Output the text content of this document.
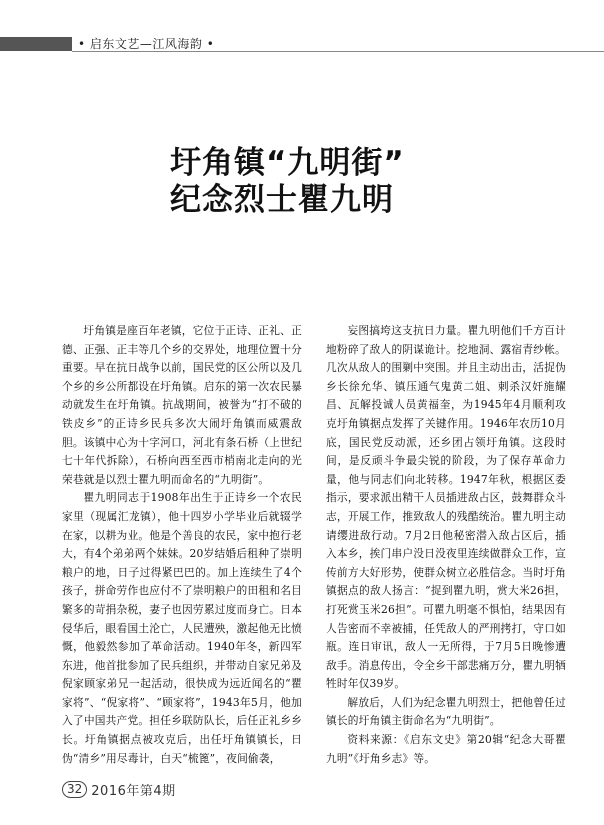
• 启东文艺—江风海韵 •
圩角镇“九明街”
纪念烈士瞿九明

圩角镇是座百年老镇，它位于正诗、正礼、正德、正强、正丰等几个乡的交界处，地理位置十分重要。早在抗日战争以前，国民党的区公所以及几个乡的乡公所都设在圩角镇。启东的第一次农民暴动就发生在圩角镇。抗战期间，被誉为“打不破的铁皮乡”的正诗乡民兵多次大闹圩角镇而威震敌胆。该镇中心为十字河口，河北有条石桥（上世纪七十年代拆除），石桥向西至西市梢南北走向的光荣巷就是以烈士瞿九明而命名的“九明街”。

瞿九明同志于1908年出生于正诗乡一个农民家里（现属汇龙镇），他十四岁小学毕业后就辍学在家，以耕为业。他是个善良的农民，家中抱行老大，有4个弟弟两个妹妹。20岁结婚后租种了崇明粮户的地，日子过得紧巴巴的。加上连续生了4个孩子，拼命劳作也应付不了崇明粮户的田租和名目繁多的苛捐杂税，妻子也因劳累过度而身亡。日本侵华后，眼看国土沦亡，人民遭殃，激起他无比愤慨，他毅然参加了革命活动。1940年冬，新四军东进，他首批参加了民兵组织，并带动自家兄弟及倪家顾家弟兄一起活动，很快成为远近闻名的“瞿家将”、“倪家将”、“顾家将”，1943年5月，他加入了中国共产党。担任乡联防队长，后任正礼乡乡长。圩角镇据点被攻克后，出任圩角镇镇长，日伪“清乡”用尽毒计，白天“梳篦”，夜间偷袭，

妄图搞垮这支抗日力量。瞿九明他们千方百计地粉碎了敌人的阴谋诡计。挖地洞、露宿青纱帐。几次从敌人的围剿中突围。并且主动出击，活捉伪乡长徐允华、镇压通气鬼黄二姐、刺杀汉奸施耀昌、瓦解投诚人员黄福奎，为1945年4月顺利攻克圩角镇据点发挥了关键作用。1946年农历10月底，国民党反动派，还乡团占领圩角镇。这段时间，是反顽斗争最尖锐的阶段，为了保存革命力量，他与同志们向北转移。1947年秋，根据区委指示，要求派出精干人员插进敌占区，鼓舞群众斗志，开展工作，推致敌人的残酷统治。瞿九明主动请缨进敌行动。7月2日他秘密潜入敌占区后，插入本乡，挨门串户没日没夜里连续做群众工作，宣传前方大好形势，使群众树立必胜信念。当时圩角镇据点的敌人扬言：“捉到瞿九明，赏大米26担，打死赏玉米26担”。可瞿九明毫不惧怕，结果因有人告密而不幸被捕，任凭敌人的严刑拷打，守口如瓶。连日审讯，敌人一无所得，于7月5日晚惨遭敌手。消息传出，令全乡干部悲痛万分，瞿九明牺牲时年仅39岁。

解放后，人们为纪念瞿九明烈士，把他曾任过镇长的圩角镇主街命名为“九明街”。

资料来源：《启东文史》第20辑“纪念大哥瞿九明”《圩角乡志》等。

32 2016年第4期
